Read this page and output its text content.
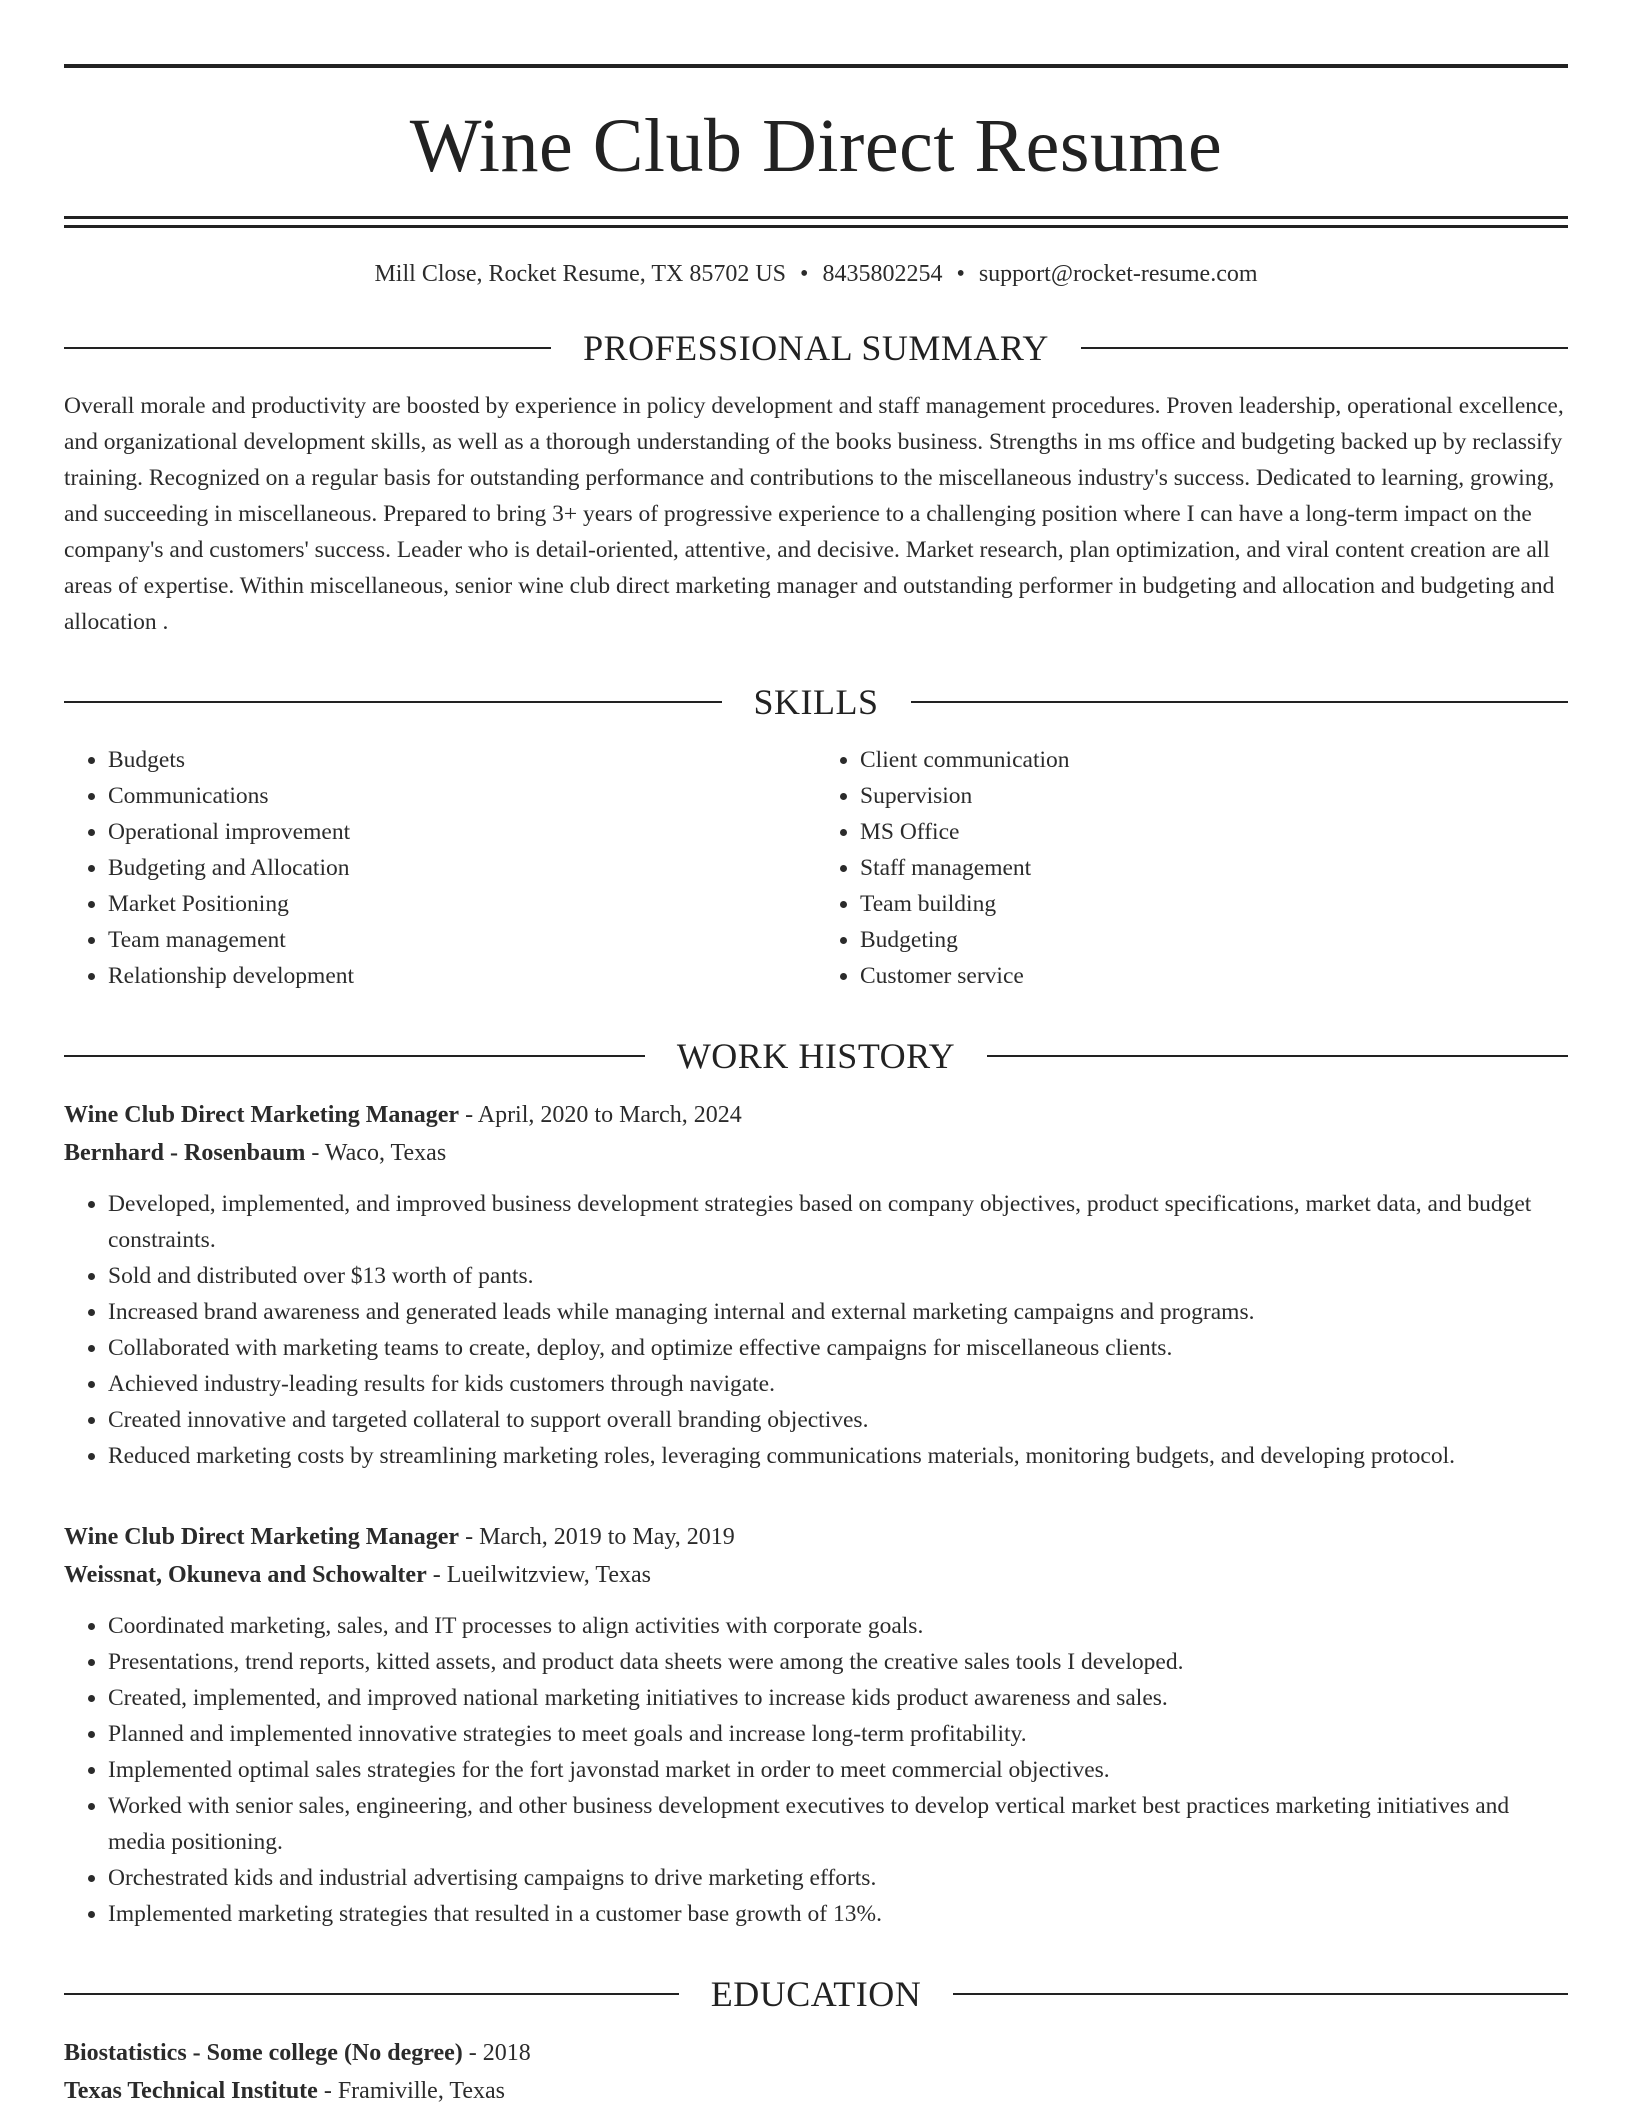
Wine Club Direct Resume
Mill Close, Rocket Resume, TX 85702 US • 8435802254 • support@rocket-resume.com
PROFESSIONAL SUMMARY
Overall morale and productivity are boosted by experience in policy development and staff management procedures. Proven leadership, operational excellence, and organizational development skills, as well as a thorough understanding of the books business. Strengths in ms office and budgeting backed up by reclassify training. Recognized on a regular basis for outstanding performance and contributions to the miscellaneous industry's success. Dedicated to learning, growing, and succeeding in miscellaneous. Prepared to bring 3+ years of progressive experience to a challenging position where I can have a long-term impact on the company's and customers' success. Leader who is detail-oriented, attentive, and decisive. Market research, plan optimization, and viral content creation are all areas of expertise. Within miscellaneous, senior wine club direct marketing manager and outstanding performer in budgeting and allocation and budgeting and allocation .
SKILLS
• Budgets
• Communications
• Operational improvement
• Budgeting and Allocation
• Market Positioning
• Team management
• Relationship development
• Client communication
• Supervision
• MS Office
• Staff management
• Team building
• Budgeting
• Customer service
WORK HISTORY
Wine Club Direct Marketing Manager - April, 2020 to March, 2024
Bernhard - Rosenbaum - Waco, Texas
• Developed, implemented, and improved business development strategies based on company objectives, product specifications, market data, and budget constraints.
• Sold and distributed over $13 worth of pants.
• Increased brand awareness and generated leads while managing internal and external marketing campaigns and programs.
• Collaborated with marketing teams to create, deploy, and optimize effective campaigns for miscellaneous clients.
• Achieved industry-leading results for kids customers through navigate.
• Created innovative and targeted collateral to support overall branding objectives.
• Reduced marketing costs by streamlining marketing roles, leveraging communications materials, monitoring budgets, and developing protocol.
Wine Club Direct Marketing Manager - March, 2019 to May, 2019
Weissnat, Okuneva and Schowalter - Lueilwitzview, Texas
• Coordinated marketing, sales, and IT processes to align activities with corporate goals.
• Presentations, trend reports, kitted assets, and product data sheets were among the creative sales tools I developed.
• Created, implemented, and improved national marketing initiatives to increase kids product awareness and sales.
• Planned and implemented innovative strategies to meet goals and increase long-term profitability.
• Implemented optimal sales strategies for the fort javonstad market in order to meet commercial objectives.
• Worked with senior sales, engineering, and other business development executives to develop vertical market best practices marketing initiatives and media positioning.
• Orchestrated kids and industrial advertising campaigns to drive marketing efforts.
• Implemented marketing strategies that resulted in a customer base growth of 13%.
EDUCATION
Biostatistics - Some college (No degree) - 2018
Texas Technical Institute - Framiville, Texas
